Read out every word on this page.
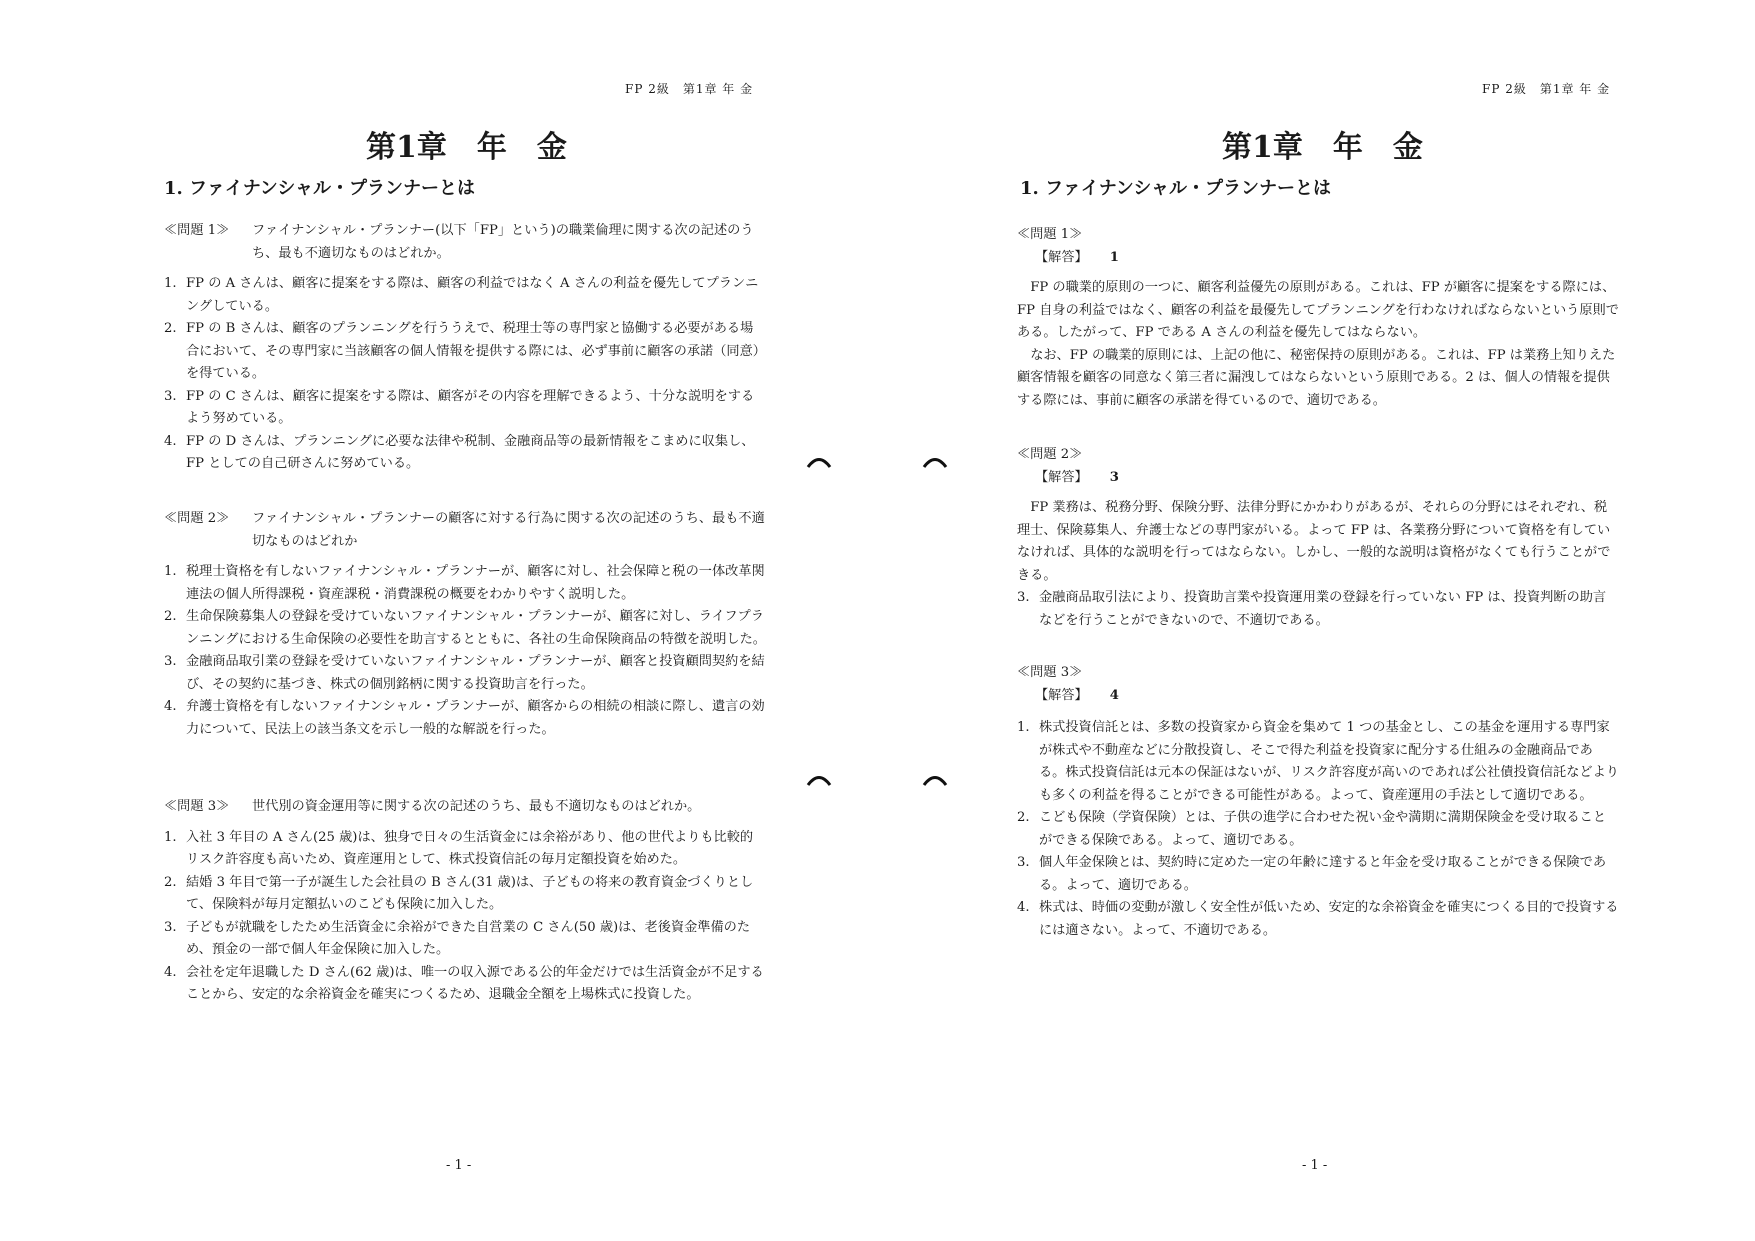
FP 2級　第1章 年 金
第1章　年　金
1. ファイナンシャル・プランナーとは
≪問題 1≫	ファイナンシャル・プランナー(以下「FP」という)の職業倫理に関する次の記述のうち、最も不適切なものはどれか。
1. FP の A さんは、顧客に提案をする際は、顧客の利益ではなく A さんの利益を優先してプランニングしている。
2. FP の B さんは、顧客のプランニングを行ううえで、税理士等の専門家と協働する必要がある場合において、その専門家に当該顧客の個人情報を提供する際には、必ず事前に顧客の承諾（同意）を得ている。
3. FP の C さんは、顧客に提案をする際は、顧客がその内容を理解できるよう、十分な説明をするよう努めている。
4. FP の D さんは、プランニングに必要な法律や税制、金融商品等の最新情報をこまめに収集し、FP としての自己研さんに努めている。
≪問題 2≫	ファイナンシャル・プランナーの顧客に対する行為に関する次の記述のうち、最も不適切なものはどれか
1. 税理士資格を有しないファイナンシャル・プランナーが、顧客に対し、社会保障と税の一体改革関連法の個人所得課税・資産課税・消費課税の概要をわかりやすく説明した。
2. 生命保険募集人の登録を受けていないファイナンシャル・プランナーが、顧客に対し、ライフプランニングにおける生命保険の必要性を助言するとともに、各社の生命保険商品の特徴を説明した。
3. 金融商品取引業の登録を受けていないファイナンシャル・プランナーが、顧客と投資顧問契約を結び、その契約に基づき、株式の個別銘柄に関する投資助言を行った。
4. 弁護士資格を有しないファイナンシャル・プランナーが、顧客からの相続の相談に際し、遺言の効力について、民法上の該当条文を示し一般的な解説を行った。
≪問題 3≫	世代別の資金運用等に関する次の記述のうち、最も不適切なものはどれか。
1. 入社 3 年目の A さん(25 歳)は、独身で日々の生活資金には余裕があり、他の世代よりも比較的リスク許容度も高いため、資産運用として、株式投資信託の毎月定額投資を始めた。
2. 結婚 3 年目で第一子が誕生した会社員の B さん(31 歳)は、子どもの将来の教育資金づくりとして、保険料が毎月定額払いのこども保険に加入した。
3. 子どもが就職をしたため生活資金に余裕ができた自営業の C さん(50 歳)は、老後資金準備のため、預金の一部で個人年金保険に加入した。
4. 会社を定年退職した D さん(62 歳)は、唯一の収入源である公的年金だけでは生活資金が不足することから、安定的な余裕資金を確実につくるため、退職金全額を上場株式に投資した。
- 1 -
FP 2級　第1章 年 金
第1章　年　金
1. ファイナンシャル・プランナーとは

≪問題 1≫

【解答】 1

FP の職業的原則の一つに、顧客利益優先の原則がある。これは、FP が顧客に提案をする際には、FP 自身の利益ではなく、顧客の利益を最優先してプランニングを行わなければならないという原則である。したがって、FP である A さんの利益を優先してはならない。

なお、FP の職業的原則には、上記の他に、秘密保持の原則がある。これは、FP は業務上知りえた顧客情報を顧客の同意なく第三者に漏洩してはならないという原則である。2 は、個人の情報を提供する際には、事前に顧客の承諾を得ているので、適切である。

≪問題 2≫

【解答】 3

FP 業務は、税務分野、保険分野、法律分野にかかわりがあるが、それらの分野にはそれぞれ、税理士、保険募集人、弁護士などの専門家がいる。よって FP は、各業務分野について資格を有していなければ、具体的な説明を行ってはならない。しかし、一般的な説明は資格がなくても行うことができる。

3. 金融商品取引法により、投資助言業や投資運用業の登録を行っていない FP は、投資判断の助言などを行うことができないので、不適切である。

≪問題 3≫

【解答】 4

1. 株式投資信託とは、多数の投資家から資金を集めて 1 つの基金とし、この基金を運用する専門家が株式や不動産などに分散投資し、そこで得た利益を投資家に配分する仕組みの金融商品である。株式投資信託は元本の保証はないが、リスク許容度が高いのであれば公社債投資信託などよりも多くの利益を得ることができる可能性がある。よって、資産運用の手法として適切である。
2. こども保険（学資保険）とは、子供の進学に合わせた祝い金や満期に満期保険金を受け取ることができる保険である。よって、適切である。
3. 個人年金保険とは、契約時に定めた一定の年齢に達すると年金を受け取ることができる保険である。よって、適切である。
4. 株式は、時価の変動が激しく安全性が低いため、安定的な余裕資金を確実につくる目的で投資するには適さない。よって、不適切である。
- 1 -
